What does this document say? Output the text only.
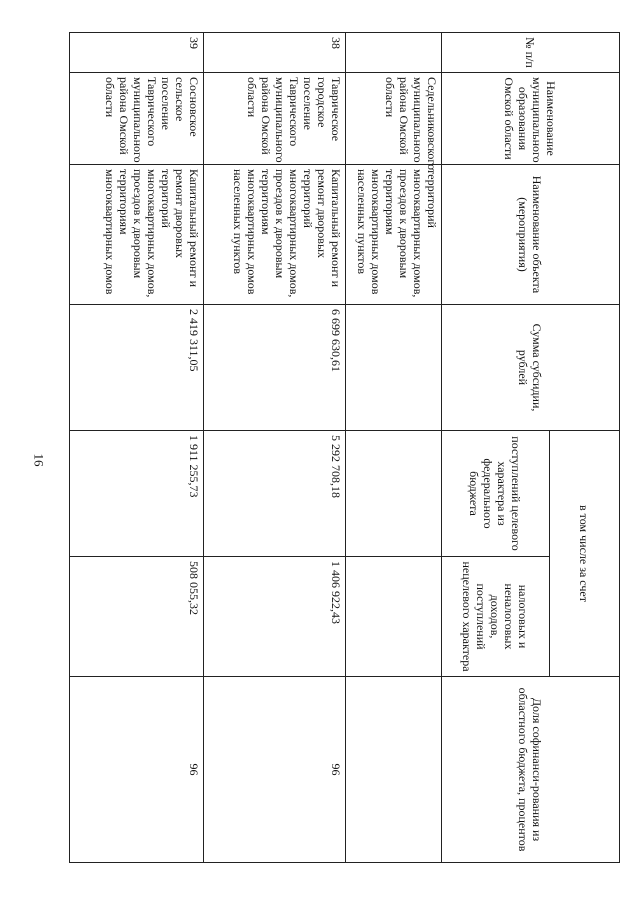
16
№ п/п	Наименование муниципального образования Омской области	Наименование объекта (мероприятия)	Сумма субсидии, рублей	в том числе за счет		Доля софинанси-рования из областного бюджета, процентов
				поступлений целевого характера из федерального бюджета	налоговых и неналоговых доходов, поступлений нецелевого характера	
	Седельниковского муниципального района Омской области	территорий многоквартирных домов, проездов к дворовым территориям многоквартирных домов населенных пунктов				
38	Таврическое городское поселение Таврического муниципального района Омской области	Капитальный ремонт и ремонт дворовых территорий многоквартирных домов, проездов к дворовым территориям многоквартирных домов населенных пунктов	6 699 630,61	5 292 708,18	1 406 922,43	96
39	Сосновское сельское поселение Таврического муниципального района Омской области	Капитальный ремонт и ремонт дворовых территорий многоквартирных домов, проездов к дворовым территориям многоквартирных домов	2 419 311,05	1 911 255,73	508 055,32	96
